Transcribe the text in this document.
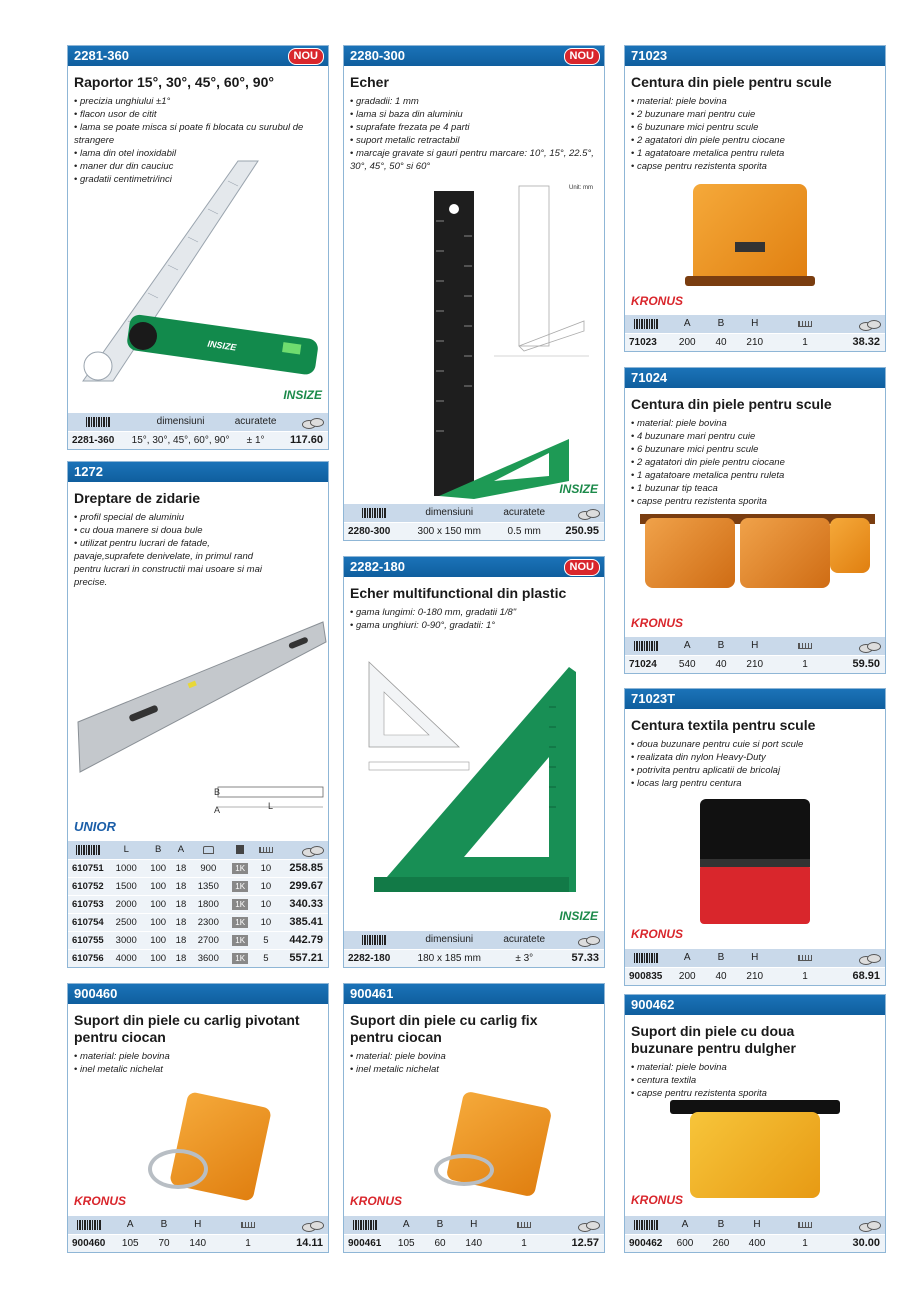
2281-360	NOU
Raportor 15°, 30°, 45°, 60°, 90°
• precizia unghiului ±1°
• flacon usor de citit
• lama se poate misca si poate fi blocata cu surubul de strangere
• lama din otel inoxidabil
• maner dur din cauciuc
• gradatii centimetri/inci
INSIZE
INSIZE
	dimensiuni	acuratete	
2281-360	15°, 30°, 45°, 60°, 90°	± 1°	117.60
2280-300	NOU
Echer
• gradadii: 1 mm
• lama si baza din aluminiu
• suprafate frezata pe 4 parti
• suport metalic retractabil
• marcaje gravate si gauri pentru marcare: 10°, 15°, 22.5°, 30°, 45°, 50° si 60°
Unit: mm
INSIZE
	dimensiuni	acuratete	
2280-300	300 x 150 mm	0.5 mm	250.95
71023
Centura din piele pentru scule
• material: piele bovina
• 2 buzunare mari pentru cuie
• 6 buzunare mici pentru scule
• 2 agatatori din piele pentru ciocane
• 1 agatatoare metalica pentru ruleta
• capse pentru rezistenta sporita
KRONUS
	A	B	H		
71023	200	40	210	1	38.32
71024
Centura din piele pentru scule
• material: piele bovina
• 4 buzunare mari pentru cuie
• 6 buzunare mici pentru scule
• 2 agatatori din piele pentru ciocane
• 1 agatatoare metalica pentru ruleta
• 1 buzunar tip teaca
• capse pentru rezistenta sporita
KRONUS
	A	B	H		
71024	540	40	210	1	59.50
1272
Dreptare de zidarie
• profil special de aluminiu
• cu doua manere si doua bule
• utilizat pentru lucrari de fatade, pavaje,suprafete denivelate, in primul rand pentru lucrari in constructii mai usoare si mai precise.
B
A	L
UNIOR
	L	B	A				
610751	1000	100	18	900	1K	10	258.85
610752	1500	100	18	1350	1K	10	299.67
610753	2000	100	18	1800	1K	10	340.33
610754	2500	100	18	2300	1K	10	385.41
610755	3000	100	18	2700	1K	5	442.79
610756	4000	100	18	3600	1K	5	557.21
2282-180	NOU
Echer multifunctional din plastic
• gama lungimi: 0-180 mm, gradatii 1/8"
• gama unghiuri: 0-90°, gradatii: 1°
INSIZE
	dimensiuni	acuratete	
2282-180	180 x 185 mm	± 3°	57.33
71023T
Centura textila pentru scule
• doua buzunare pentru cuie si port scule
• realizata din nylon Heavy-Duty
• potrivita pentru aplicatii de bricolaj
• locas larg pentru centura
KRONUS
	A	B	H		
900835	200	40	210	1	68.91
900460
Suport din piele cu carlig pivotant pentru ciocan
• material: piele bovina
• inel metalic nichelat
KRONUS
	A	B	H		
900460	105	70	140	1	14.11
900461
Suport din piele cu carlig fix pentru ciocan
• material: piele bovina
• inel metalic nichelat
KRONUS
	A	B	H		
900461	105	60	140	1	12.57
900462
Suport din piele cu doua buzunare pentru dulgher
• material: piele bovina
• centura textila
• capse pentru rezistenta sporita
KRONUS
	A	B	H		
900462	600	260	400	1	30.00
